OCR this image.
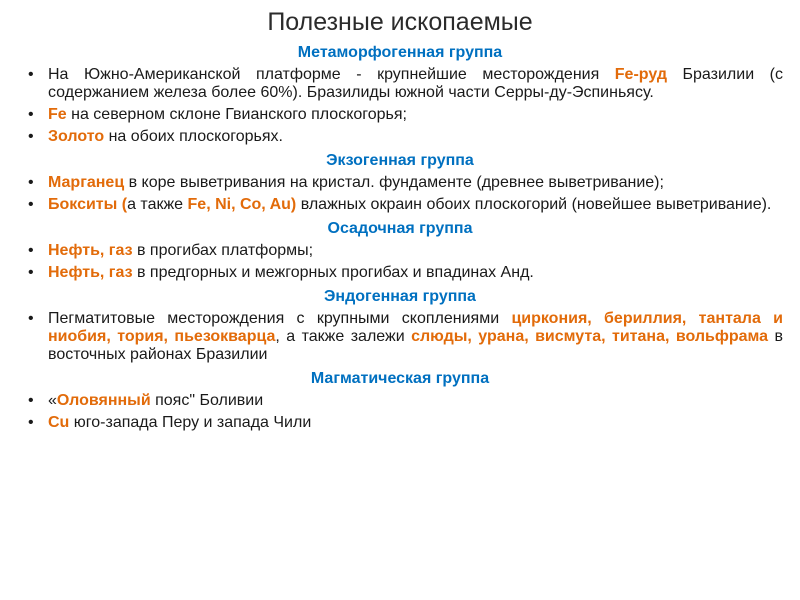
Полезные ископаемые
Метаморфогенная группа
• На Южно-Американской платформе - крупнейшие месторождения Fe-руд Бразилии (с содержанием железа более 60%). Бразилиды южной части Серры-ду-Эспиньясу.
• Fe на северном склоне Гвианского плоскогорья;
• Золото на обоих плоскогорьях.
Экзогенная группа
• Марганец в коре выветривания на кристал. фундаменте (древнее выветривание);
• Бокситы (а также Fe, Ni, Co, Au) влажных окраин обоих плоскогорий (новейшее выветривание).
Осадочная группа
• Нефть, газ в прогибах платформы;
• Нефть, газ в предгорных и межгорных прогибах и впадинах Анд.
Эндогенная группа
• Пегматитовые месторождения с крупными скоплениями циркония, бериллия, тантала и ниобия, тория, пьезокварца, а также залежи слюды, урана, висмута, титана, вольфрама в восточных районах Бразилии
Магматическая группа
• «Оловянный пояс" Боливии
• Cu юго-запада Перу и запада Чили
